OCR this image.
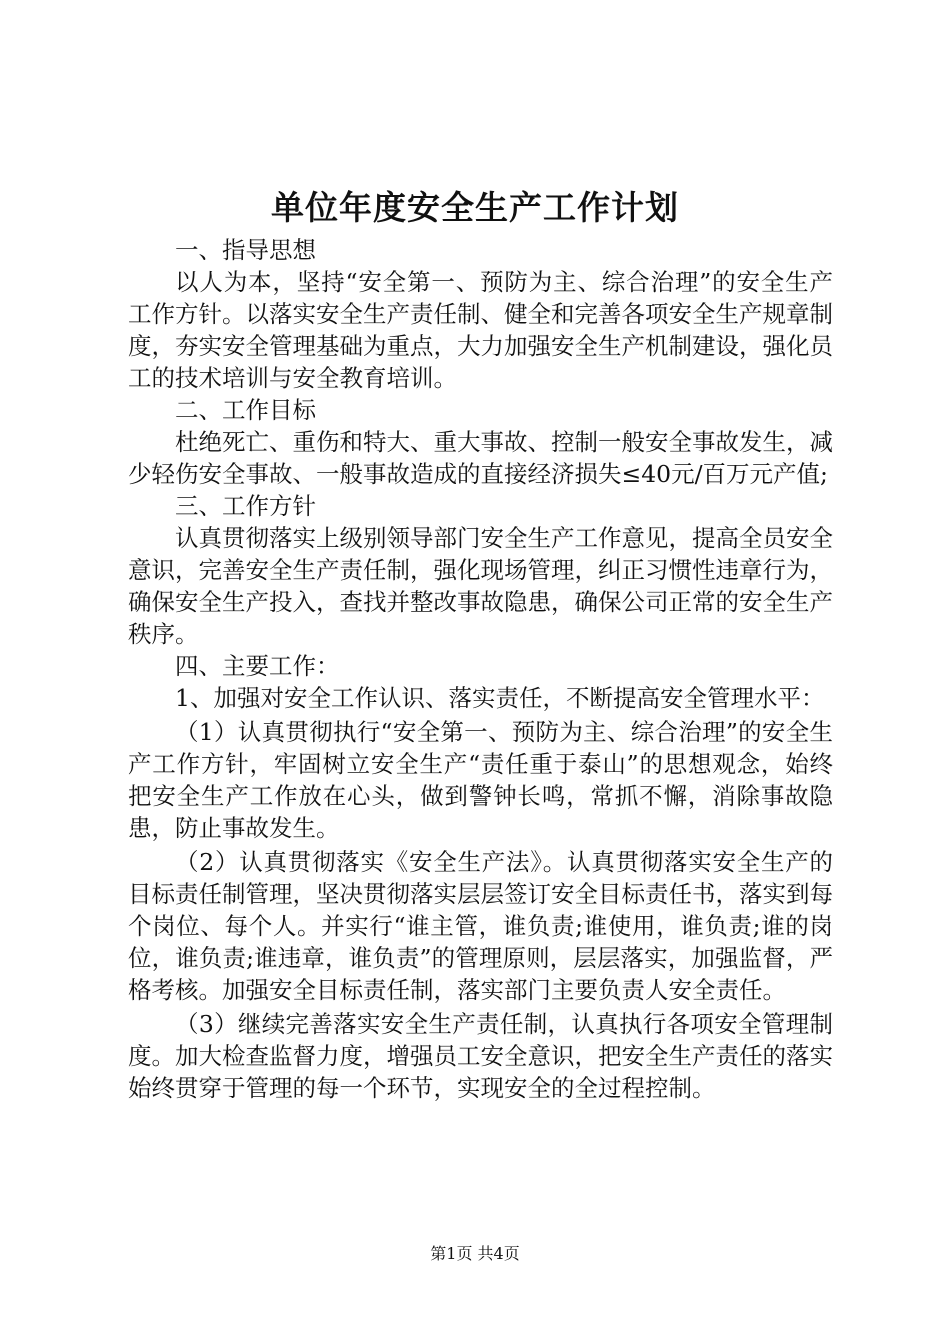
单位年度安全生产工作计划

一、指导思想

以人为本，坚持“安全第一、预防为主、综合治理”的安全生产工作方针。以落实安全生产责任制、健全和完善各项安全生产规章制度，夯实安全管理基础为重点，大力加强安全生产机制建设，强化员工的技术培训与安全教育培训。

二、工作目标

杜绝死亡、重伤和特大、重大事故、控制一般安全事故发生，减少轻伤安全事故、一般事故造成的直接经济损失≤40元/百万元产值;

三、工作方针

认真贯彻落实上级别领导部门安全生产工作意见，提高全员安全意识，完善安全生产责任制，强化现场管理，纠正习惯性违章行为，确保安全生产投入，查找并整改事故隐患，确保公司正常的安全生产秩序。

四、主要工作：

1、加强对安全工作认识、落实责任，不断提高安全管理水平：

（1）认真贯彻执行“安全第一、预防为主、综合治理”的安全生产工作方针，牢固树立安全生产“责任重于泰山”的思想观念，始终把安全生产工作放在心头，做到警钟长鸣，常抓不懈，消除事故隐患，防止事故发生。

（2）认真贯彻落实《安全生产法》。认真贯彻落实安全生产的目标责任制管理，坚决贯彻落实层层签订安全目标责任书，落实到每个岗位、每个人。并实行“谁主管，谁负责;谁使用，谁负责;谁的岗位，谁负责;谁违章，谁负责”的管理原则，层层落实，加强监督，严格考核。加强安全目标责任制，落实部门主要负责人安全责任。

（3）继续完善落实安全生产责任制，认真执行各项安全管理制度。加大检查监督力度，增强员工安全意识，把安全生产责任的落实始终贯穿于管理的每一个环节，实现安全的全过程控制。

第1页 共4页
